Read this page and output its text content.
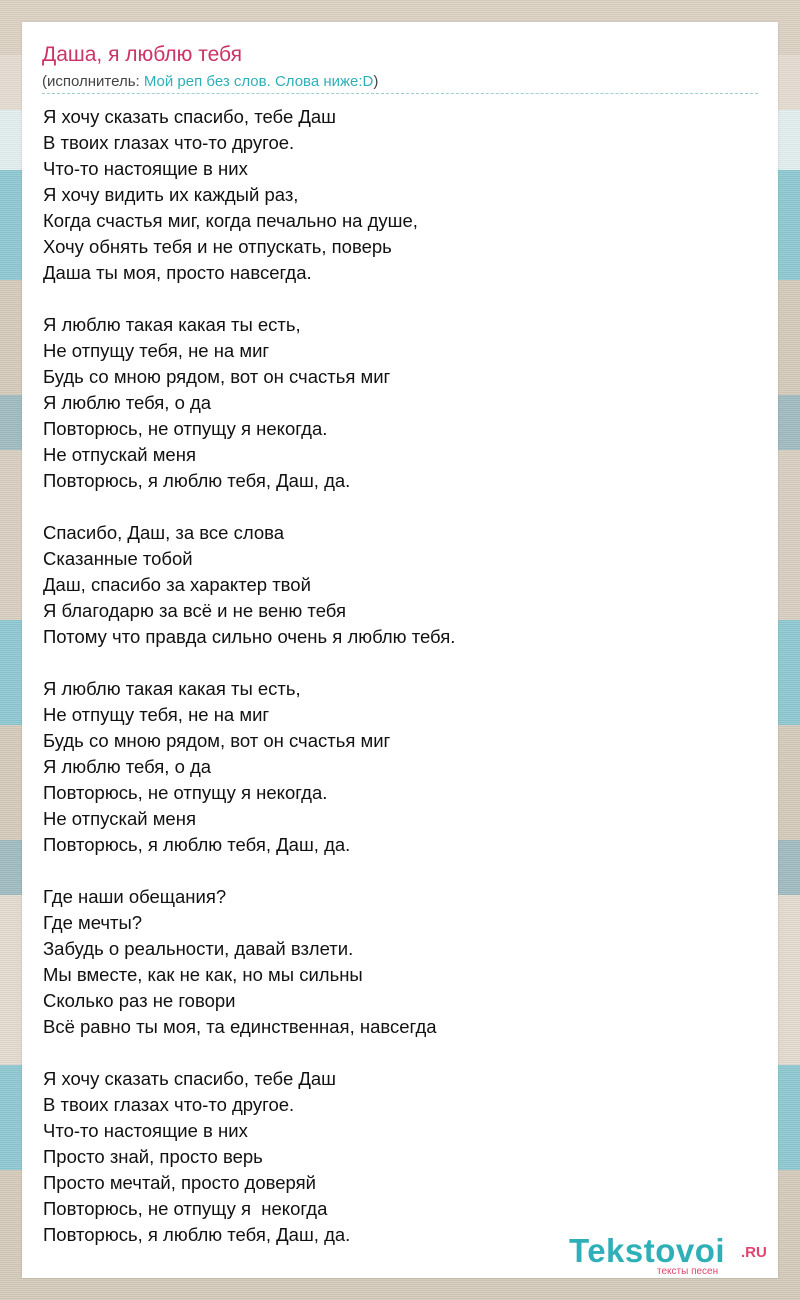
Даша, я люблю тебя
(исполнитель: Мой реп без слов. Слова ниже:D)
Я хочу сказать спасибо, тебе Даш
В твоих глазах что-то другое.
Что-то настоящие в них
Я хочу видить их каждый раз,
Когда счастья миг, когда печально на душе,
Хочу обнять тебя и не отпускать, поверь
Даша ты моя, просто навсегда.
Я люблю такая какая ты есть,
Не отпущу тебя, не на миг
Будь со мною рядом, вот он счастья миг
Я люблю тебя, о да
Повторюсь, не отпущу я некогда.
Не отпускай меня
Повторюсь, я люблю тебя, Даш, да.
Спасибо, Даш, за все слова
Сказанные тобой
Даш, спасибо за характер твой
Я благодарю за всё и не веню тебя
Потому что правда сильно очень я люблю тебя.
Я люблю такая какая ты есть,
Не отпущу тебя, не на миг
Будь со мною рядом, вот он счастья миг
Я люблю тебя, о да
Повторюсь, не отпущу я некогда.
Не отпускай меня
Повторюсь, я люблю тебя, Даш, да.
Где наши обещания?
Где мечты?
Забудь о реальности, давай взлети.
Мы вместе, как не как, но мы сильны
Сколько раз не говори
Всё равно ты моя, та единственная, навсегда
Я хочу сказать спасибо, тебе Даш
В твоих глазах что-то другое.
Что-то настоящие в них
Просто знай, просто верь
Просто мечтай, просто доверяй
Повторюсь, не отпущу я  некогда
Повторюсь, я люблю тебя, Даш, да.	Tekstovoi .RU
тексты песен
